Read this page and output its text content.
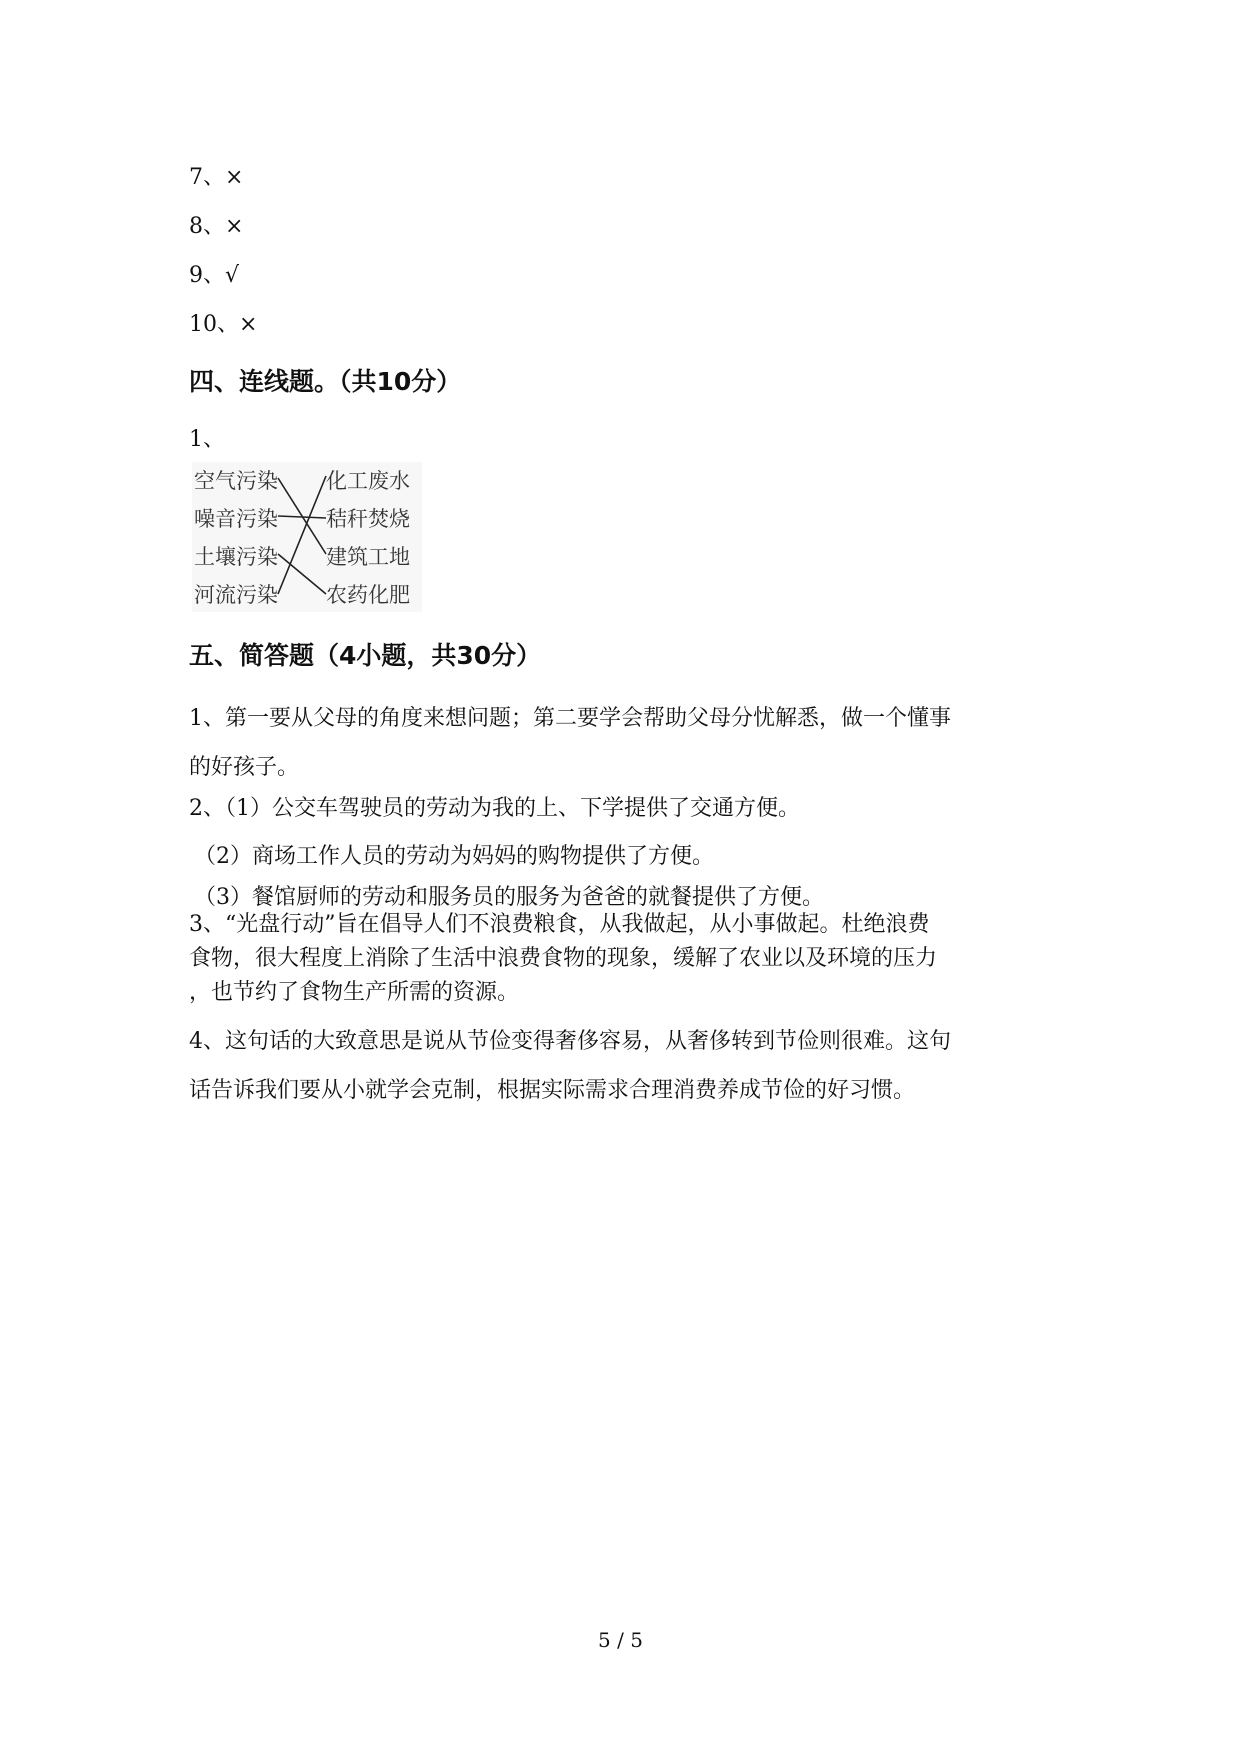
7、×
8、×
9、√
10、×
四、连线题。（共10分）
1、
空气污染
噪音污染
土壤污染
河流污染
化工废水
秸秆焚烧
建筑工地
农药化肥
五、简答题（4小题，共30分）
1、第一要从父母的角度来想问题；第二要学会帮助父母分忧解悉，做一个懂事
的好孩子。
2、（1）公交车驾驶员的劳动为我的上、下学提供了交通方便。
（2）商场工作人员的劳动为妈妈的购物提供了方便。
（3）餐馆厨师的劳动和服务员的服务为爸爸的就餐提供了方便。
3、“光盘行动”旨在倡导人们不浪费粮食，从我做起，从小事做起。杜绝浪费
食物，很大程度上消除了生活中浪费食物的现象，缓解了农业以及环境的压力
，也节约了食物生产所需的资源。
4、这句话的大致意思是说从节俭变得奢侈容易，从奢侈转到节俭则很难。这句
话告诉我们要从小就学会克制，根据实际需求合理消费养成节俭的好习惯。
5 / 5
